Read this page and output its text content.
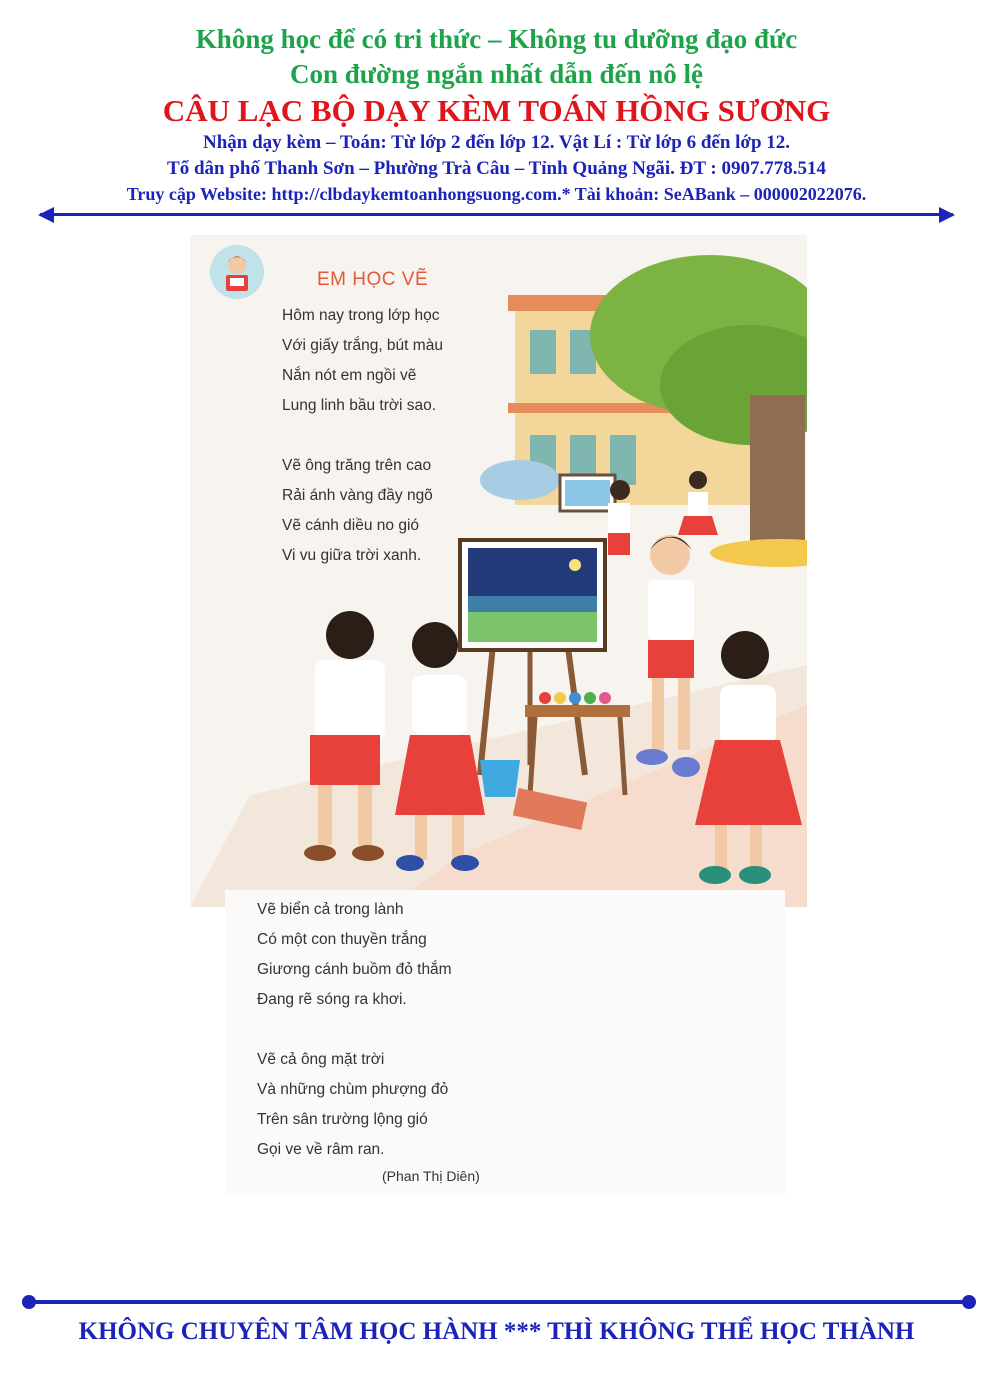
Không học để có tri thức – Không tu dưỡng đạo đức
Con đường ngắn nhất dẫn đến nô lệ
CÂU LẠC BỘ DẠY KÈM TOÁN HỒNG SƯƠNG
Nhận dạy kèm – Toán: Từ lớp 2 đến lớp 12. Vật Lí : Từ lớp 6 đến lớp 12.
Tổ dân phố Thanh Sơn – Phường Trà Câu – Tỉnh Quảng Ngãi. ĐT : 0907.778.514
Truy cập Website: http://clbdaykemtoanhongsuong.com.* Tài khoản: SeABank – 000002022076.
EM HỌC VẼ
Hôm nay trong lớp học
Với giấy trắng, bút màu
Nắn nót em ngồi vẽ
Lung linh bầu trời sao.
Vẽ ông trăng trên cao
Rải ánh vàng đầy ngõ
Vẽ cánh diều no gió
Vi vu giữa trời xanh.
Vẽ biển cả trong lành
Có một con thuyền trắng
Giương cánh buồm đỏ thắm
Đang rẽ sóng ra khơi.
Vẽ cả ông mặt trời
Và những chùm phượng đỏ
Trên sân trường lộng gió
Gọi ve về râm ran.
(Phan Thị Diên)
KHÔNG CHUYÊN TÂM HỌC HÀNH *** THÌ KHÔNG THỂ HỌC THÀNH
